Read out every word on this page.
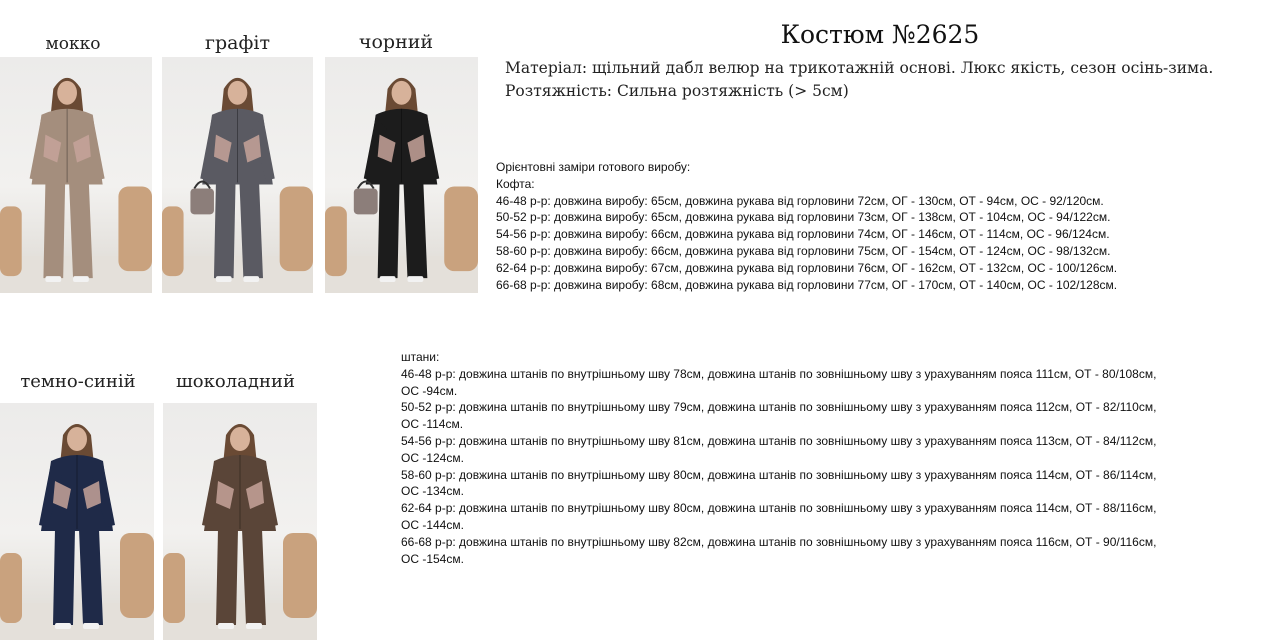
мокко	графіт	чорний
темно-синій	шоколадний
Костюм №2625
Матеріал: щільний дабл велюр на трикотажній основі. Люкс якість, сезон осінь-зима.
Розтяжність: Сильна розтяжність (> 5см)
Орієнтовні заміри готового виробу:
Кофта:
46-48 р-р: довжина виробу: 65см, довжина рукава від горловини 72см, ОГ - 130см, ОТ - 94см, ОС - 92/120см.
50-52 р-р: довжина виробу: 65см, довжина рукава від горловини 73см, ОГ - 138см, ОТ - 104см, ОС - 94/122см.
54-56 р-р: довжина виробу: 66см, довжина рукава від горловини 74см, ОГ - 146см, ОТ - 114см, ОС - 96/124см.
58-60 р-р: довжина виробу: 66см, довжина рукава від горловини 75см, ОГ - 154см, ОТ - 124см, ОС - 98/132см.
62-64 р-р: довжина виробу: 67см, довжина рукава від горловини 76см, ОГ - 162см, ОТ - 132см, ОС - 100/126см.
66-68 р-р: довжина виробу: 68см, довжина рукава від горловини 77см, ОГ - 170см, ОТ - 140см, ОС - 102/128см.
штани:
46-48 р-р: довжина штанів по внутрішньому шву 78см, довжина штанів по зовнішньому шву з урахуванням пояса 111см, ОТ - 80/108см, ОС -94см.
50-52 р-р: довжина штанів по внутрішньому шву 79см, довжина штанів по зовнішньому шву з урахуванням пояса 112см, ОТ - 82/110см, ОС -114см.
54-56 р-р: довжина штанів по внутрішньому шву 81см, довжина штанів по зовнішньому шву з урахуванням пояса 113см, ОТ - 84/112см, ОС -124см.
58-60 р-р: довжина штанів по внутрішньому шву 80см, довжина штанів по зовнішньому шву з урахуванням пояса 114см, ОТ - 86/114см, ОС -134см.
62-64 р-р: довжина штанів по внутрішньому шву 80см, довжина штанів по зовнішньому шву з урахуванням пояса 114см, ОТ - 88/116см, ОС -144см.
66-68 р-р: довжина штанів по внутрішньому шву 82см, довжина штанів по зовнішньому шву з урахуванням пояса 116см, ОТ - 90/116см, ОС -154см.
